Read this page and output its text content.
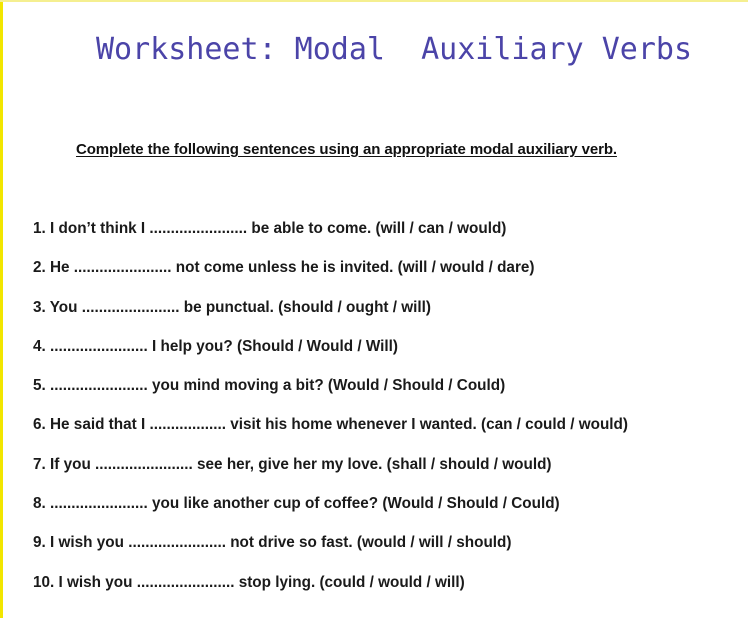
Worksheet: Modal  Auxiliary Verbs
Complete the following sentences using an appropriate modal auxiliary verb.
1. I don’t think I ....................... be able to come. (will / can / would)
2. He ....................... not come unless he is invited. (will / would / dare)
3. You ....................... be punctual. (should / ought / will)
4. ....................... I help you? (Should / Would / Will)
5. ....................... you mind moving a bit? (Would / Should / Could)
6. He said that I .................. visit his home whenever I wanted. (can / could / would)
7. If you ....................... see her, give her my love. (shall / should / would)
8. ....................... you like another cup of coffee? (Would / Should / Could)
9. I wish you ....................... not drive so fast. (would / will / should)
10. I wish you ....................... stop lying. (could / would / will)
